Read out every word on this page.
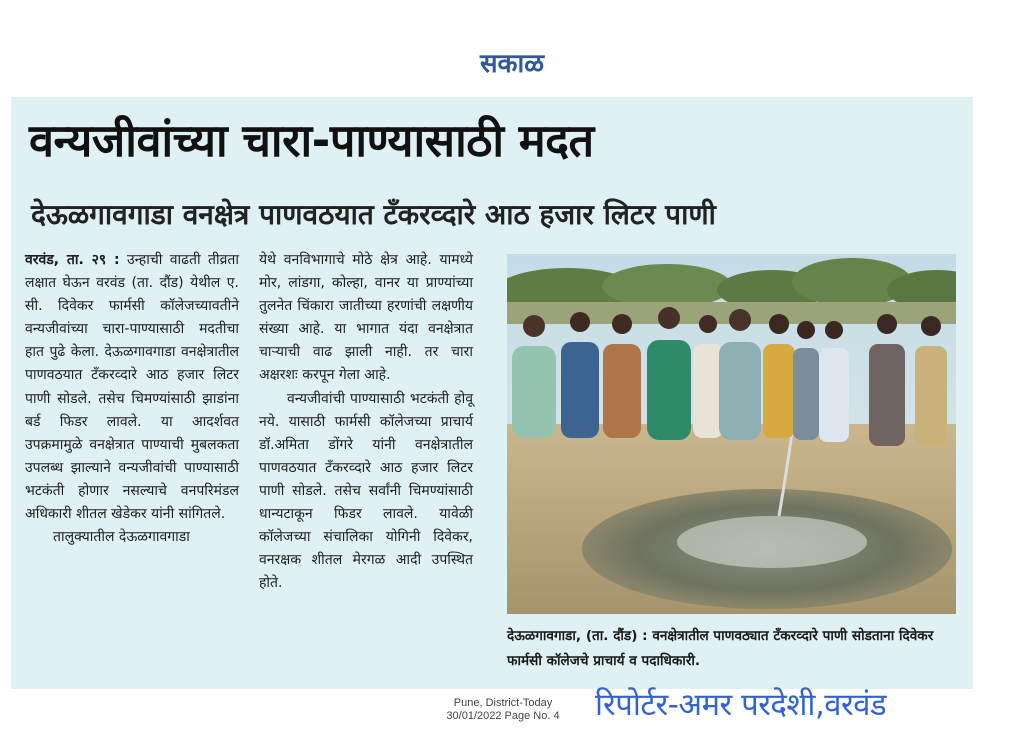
सकाळ
वन्यजीवांच्या चारा-पाण्यासाठी मदत
देऊळगावगाडा वनक्षेत्र पाणवठयात टँकरव्दारे आठ हजार लिटर पाणी

वरवंड, ता. २९ : उन्हाची वाढती तीव्रता लक्षात घेऊन वरवंड (ता. दौंड) येथील ए. सी. दिवेकर फार्मसी कॉलेजच्यावतीने वन्यजीवांच्या चारा-पाण्यासाठी मदतीचा हात पुढे केला. देऊळगावगाडा वनक्षेत्रातील पाणवठयात टँकरव्दारे आठ हजार लिटर पाणी सोडले. तसेच चिमण्यांसाठी झाडांना बर्ड फिडर लावले. या आदर्शवत उपक्रमामुळे वनक्षेत्रात पाण्याची मुबलकता उपलब्ध झाल्याने वन्यजीवांची पाण्यासाठी भटकंती होणार नसल्याचे वनपरिमंडल अधिकारी शीतल खेडेकर यांनी सांगितले.

तालुक्यातील देऊळगावगाडा

येथे वनविभागाचे मोठे क्षेत्र आहे. यामध्ये मोर, लांडगा, कोल्हा, वानर या प्राण्यांच्या तुलनेत चिंकारा जातीच्या हरणांची लक्षणीय संख्या आहे. या भागात यंदा वनक्षेत्रात चाऱ्याची वाढ झाली नाही. तर चारा अक्षरशः करपून गेला आहे.

वन्यजीवांची पाण्यासाठी भटकंती होवू नये. यासाठी फार्मसी कॉलेजच्या प्राचार्य डॉ.अमिता डोंगरे यांनी वनक्षेत्रातील पाणवठयात टँकरव्दारे आठ हजार लिटर पाणी सोडले. तसेच सर्वांनी चिमण्यांसाठी धान्यटाकून फिडर लावले. यावेळी कॉलेजच्या संचालिका योगिनी दिवेकर, वनरक्षक शीतल मेरगळ आदी उपस्थित होते.

देऊळगावगाडा, (ता. दौंड) : वनक्षेत्रातील पाणवठ्यात टँकरव्दारे पाणी सोडताना दिवेकर फार्मसी कॉलेजचे प्राचार्य व पदाधिकारी.
Pune, District-Today
30/01/2022 Page No. 4	रिपोर्टर-अमर परदेशी,वरवंड
